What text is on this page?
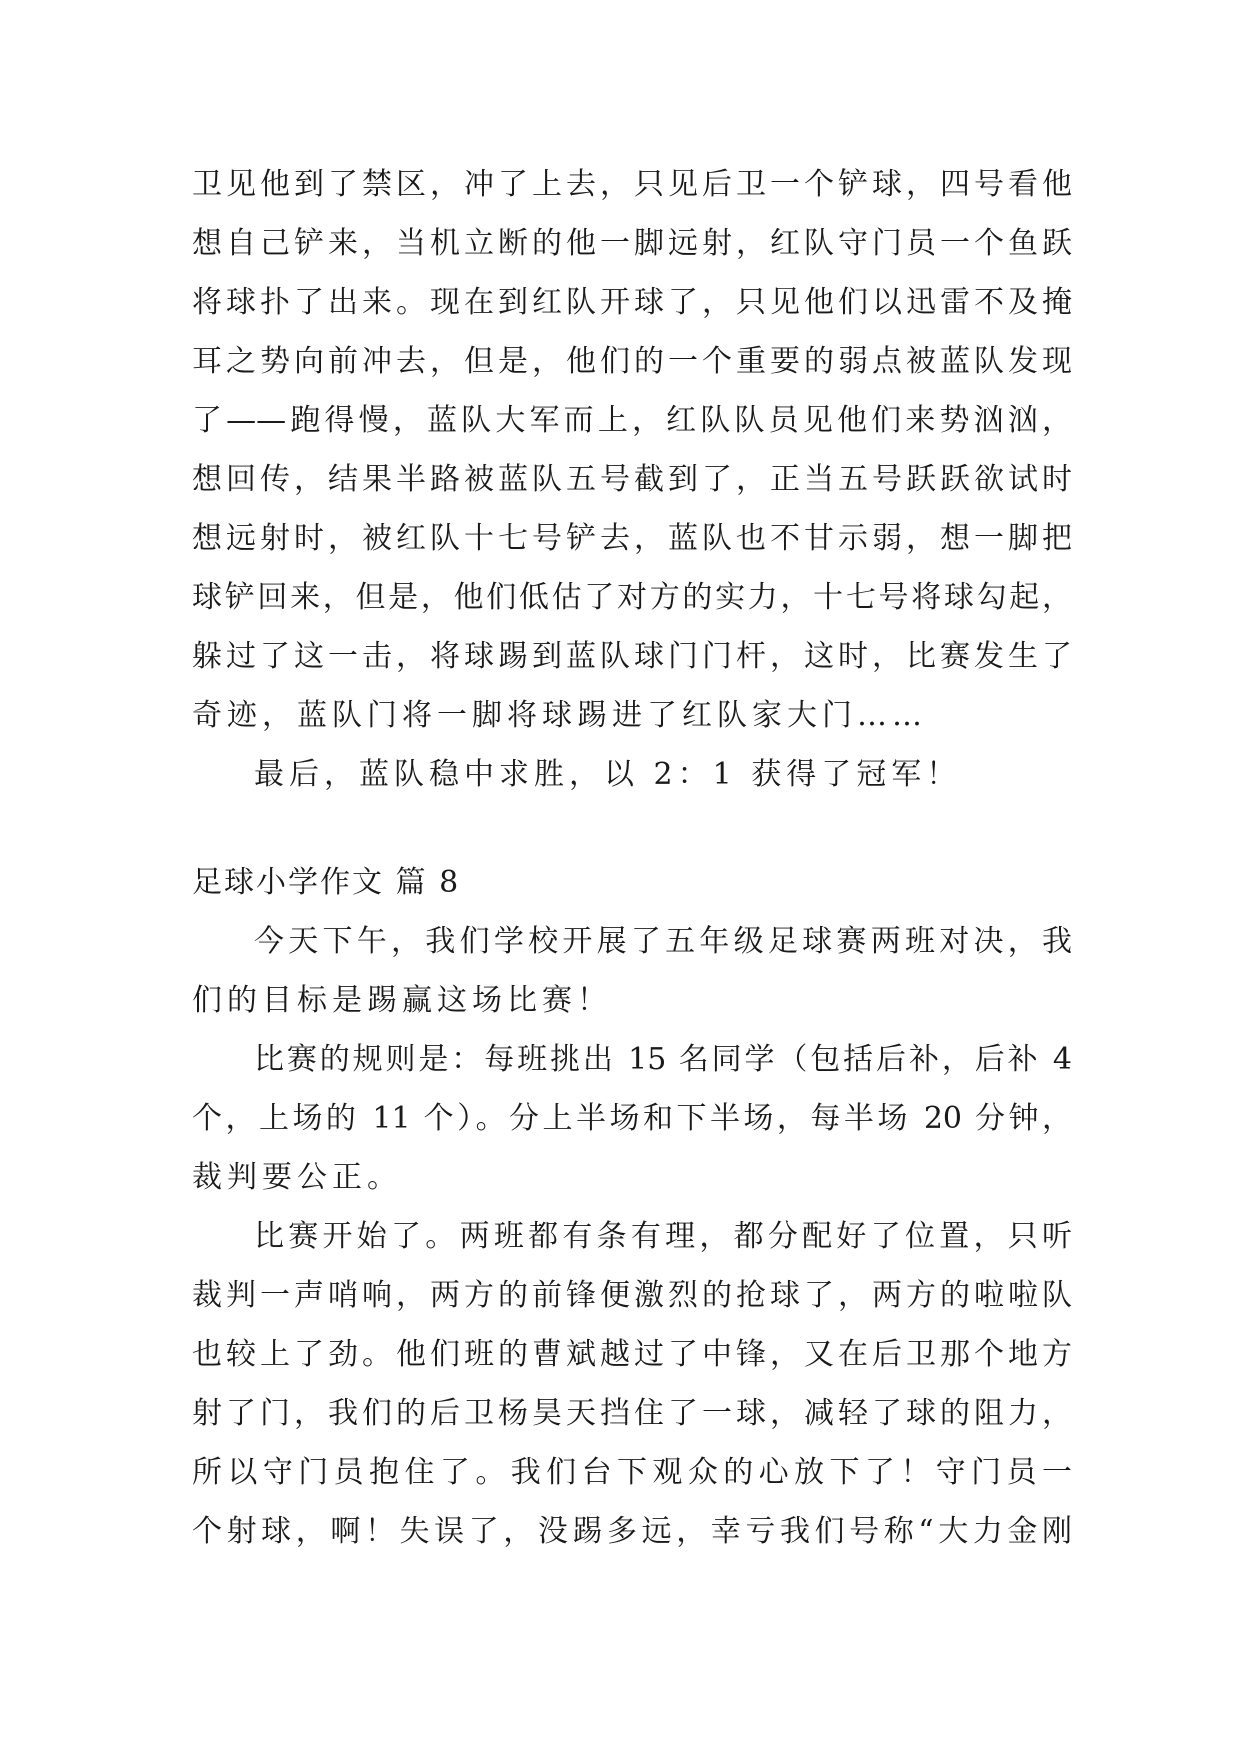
卫见他到了禁区，冲了上去，只见后卫一个铲球，四号看他
想自己铲来，当机立断的他一脚远射，红队守门员一个鱼跃
将球扑了出来。现在到红队开球了，只见他们以迅雷不及掩
耳之势向前冲去，但是，他们的一个重要的弱点被蓝队发现
了——跑得慢，蓝队大军而上，红队队员见他们来势汹汹，
想回传，结果半路被蓝队五号截到了，正当五号跃跃欲试时
想远射时，被红队十七号铲去，蓝队也不甘示弱，想一脚把
球铲回来，但是，他们低估了对方的实力，十七号将球勾起，
躲过了这一击，将球踢到蓝队球门门杆，这时，比赛发生了
奇迹，蓝队门将一脚将球踢进了红队家大门……
最后，蓝队稳中求胜，以 2：1 获得了冠军！
足球小学作文 篇 8
今天下午，我们学校开展了五年级足球赛两班对决，我
们的目标是踢赢这场比赛！
比赛的规则是：每班挑出 15 名同学（包括后补，后补 4
个，上场的 11 个）。分上半场和下半场，每半场 20 分钟，
裁判要公正。
比赛开始了。两班都有条有理，都分配好了位置，只听
裁判一声哨响，两方的前锋便激烈的抢球了，两方的啦啦队
也较上了劲。他们班的曹斌越过了中锋，又在后卫那个地方
射了门，我们的后卫杨昊天挡住了一球，减轻了球的阻力，
所以守门员抱住了。我们台下观众的心放下了！守门员一
个射球，啊！失误了，没踢多远，幸亏我们号称“大力金刚
